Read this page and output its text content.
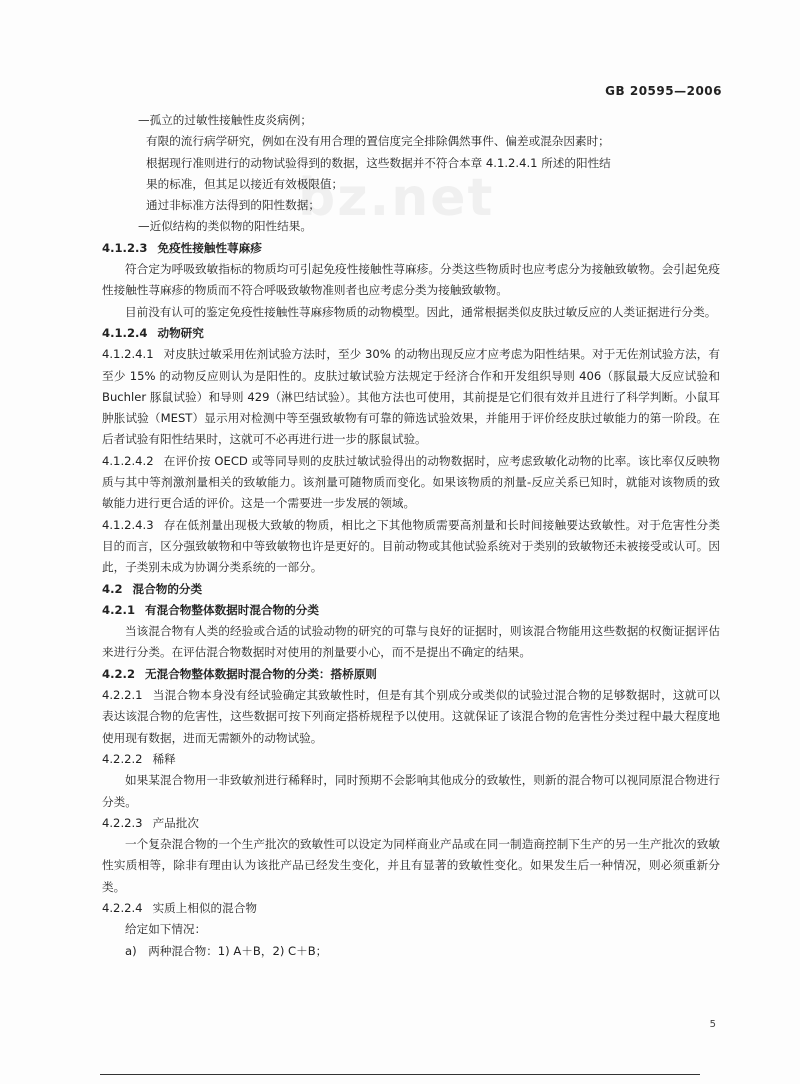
GB 20595—2006
bz.net
—孤立的过敏性接触性皮炎病例；
有限的流行病学研究，例如在没有用合理的置信度完全排除偶然事件、偏差或混杂因素时；
根据现行准则进行的动物试验得到的数据，这些数据并不符合本章 4.1.2.4.1 所述的阳性结
果的标准，但其足以接近有效极限值；
通过非标准方法得到的阳性数据；
—近似结构的类似物的阳性结果。
4.1.2.3 免疫性接触性荨麻疹
符合定为呼吸致敏指标的物质均可引起免疫性接触性荨麻疹。分类这些物质时也应考虑分为接触致敏物。会引起免疫性接触性荨麻疹的物质而不符合呼吸致敏物准则者也应考虑分类为接触致敏物。
目前没有认可的鉴定免疫性接触性荨麻疹物质的动物模型。因此，通常根据类似皮肤过敏反应的人类证据进行分类。
4.1.2.4 动物研究
4.1.2.4.1 对皮肤过敏采用佐剂试验方法时，至少 30% 的动物出现反应才应考虑为阳性结果。对于无佐剂试验方法，有至少 15% 的动物反应则认为是阳性的。皮肤过敏试验方法规定于经济合作和开发组织导则 406（豚鼠最大反应试验和 Buchler 豚鼠试验）和导则 429（淋巴结试验）。其他方法也可使用，其前提是它们很有效并且进行了科学判断。小鼠耳肿胀试验（MEST）显示用对检测中等至强致敏物有可靠的筛选试验效果，并能用于评价经皮肤过敏能力的第一阶段。在后者试验有阳性结果时，这就可不必再进行进一步的豚鼠试验。
4.1.2.4.2 在评价按 OECD 或等同导则的皮肤过敏试验得出的动物数据时，应考虑致敏化动物的比率。该比率仅反映物质与其中等剂激剂量相关的致敏能力。该剂量可随物质而变化。如果该物质的剂量-反应关系已知时，就能对该物质的致敏能力进行更合适的评价。这是一个需要进一步发展的领域。
4.1.2.4.3 存在低剂量出现极大致敏的物质，相比之下其他物质需要高剂量和长时间接触要达致敏性。对于危害性分类目的而言，区分强致敏物和中等致敏物也许是更好的。目前动物或其他试验系统对于类别的致敏物还未被接受或认可。因此，子类别未成为协调分类系统的一部分。
4.2 混合物的分类
4.2.1 有混合物整体数据时混合物的分类
当该混合物有人类的经验或合适的试验动物的研究的可靠与良好的证据时，则该混合物能用这些数据的权衡证据评估来进行分类。在评估混合物数据时对使用的剂量要小心，而不是提出不确定的结果。
4.2.2 无混合物整体数据时混合物的分类：搭桥原则
4.2.2.1 当混合物本身没有经试验确定其致敏性时，但是有其个别成分或类似的试验过混合物的足够数据时，这就可以表达该混合物的危害性，这些数据可按下列商定搭桥规程予以使用。这就保证了该混合物的危害性分类过程中最大程度地使用现有数据，进而无需额外的动物试验。
4.2.2.2 稀释
如果某混合物用一非致敏剂进行稀释时，同时预期不会影响其他成分的致敏性，则新的混合物可以视同原混合物进行分类。
4.2.2.3 产品批次
一个复杂混合物的一个生产批次的致敏性可以设定为同样商业产品或在同一制造商控制下生产的另一生产批次的致敏性实质相等，除非有理由认为该批产品已经发生变化，并且有显著的致敏性变化。如果发生后一种情况，则必须重新分类。
4.2.2.4 实质上相似的混合物
给定如下情况：
a)　两种混合物：1) A＋B，2) C＋B；
5
